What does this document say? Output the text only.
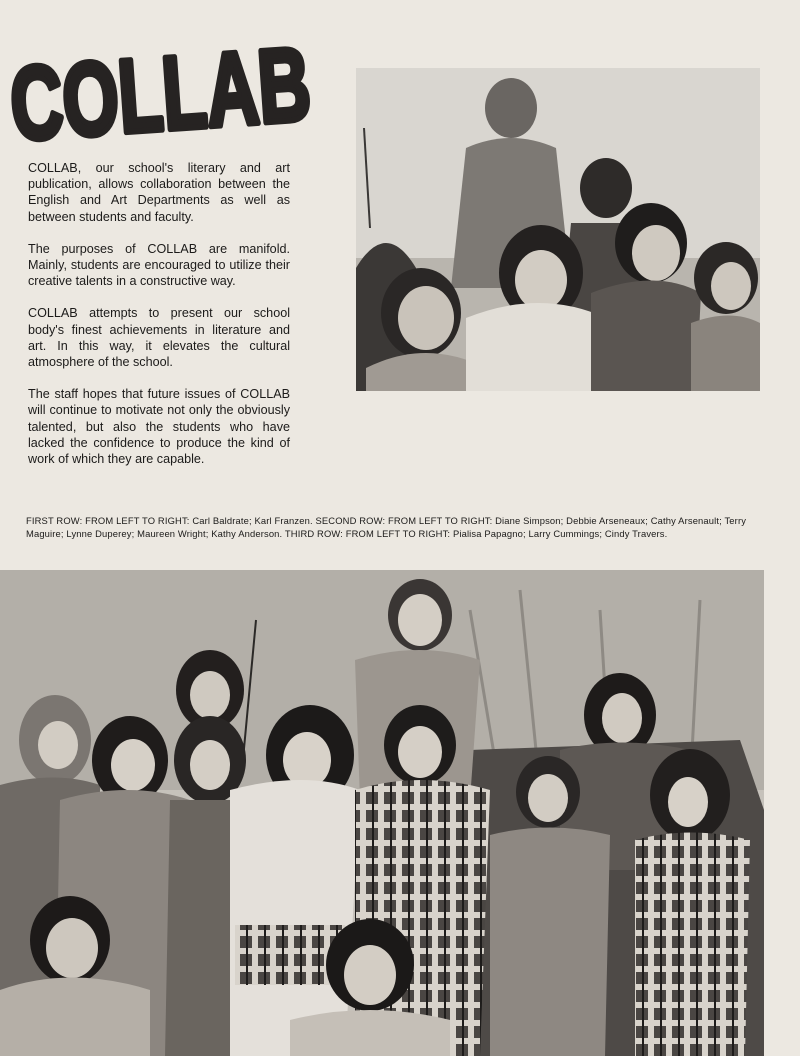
COLLAB

COLLAB, our school's literary and art publication, allows collaboration between the English and Art Departments as well as between students and faculty.

The purposes of COLLAB are manifold. Mainly, students are encouraged to utilize their creative talents in a constructive way.

COLLAB attempts to present our school body's finest achievements in literature and art. In this way, it elevates the cultural atmosphere of the school.

The staff hopes that future issues of COLLAB will continue to motivate not only the obviously talented, but also the students who have lacked the confidence to produce the kind of work of which they are capable.

FIRST ROW: FROM LEFT TO RIGHT: Carl Baldrate; Karl Franzen. SECOND ROW: FROM LEFT TO RIGHT: Diane Simpson; Debbie Arseneaux; Cathy Arsenault; Terry Maguire; Lynne Duperey; Maureen Wright; Kathy Anderson. THIRD ROW: FROM LEFT TO RIGHT: Pialisa Papagno; Larry Cummings; Cindy Travers.
